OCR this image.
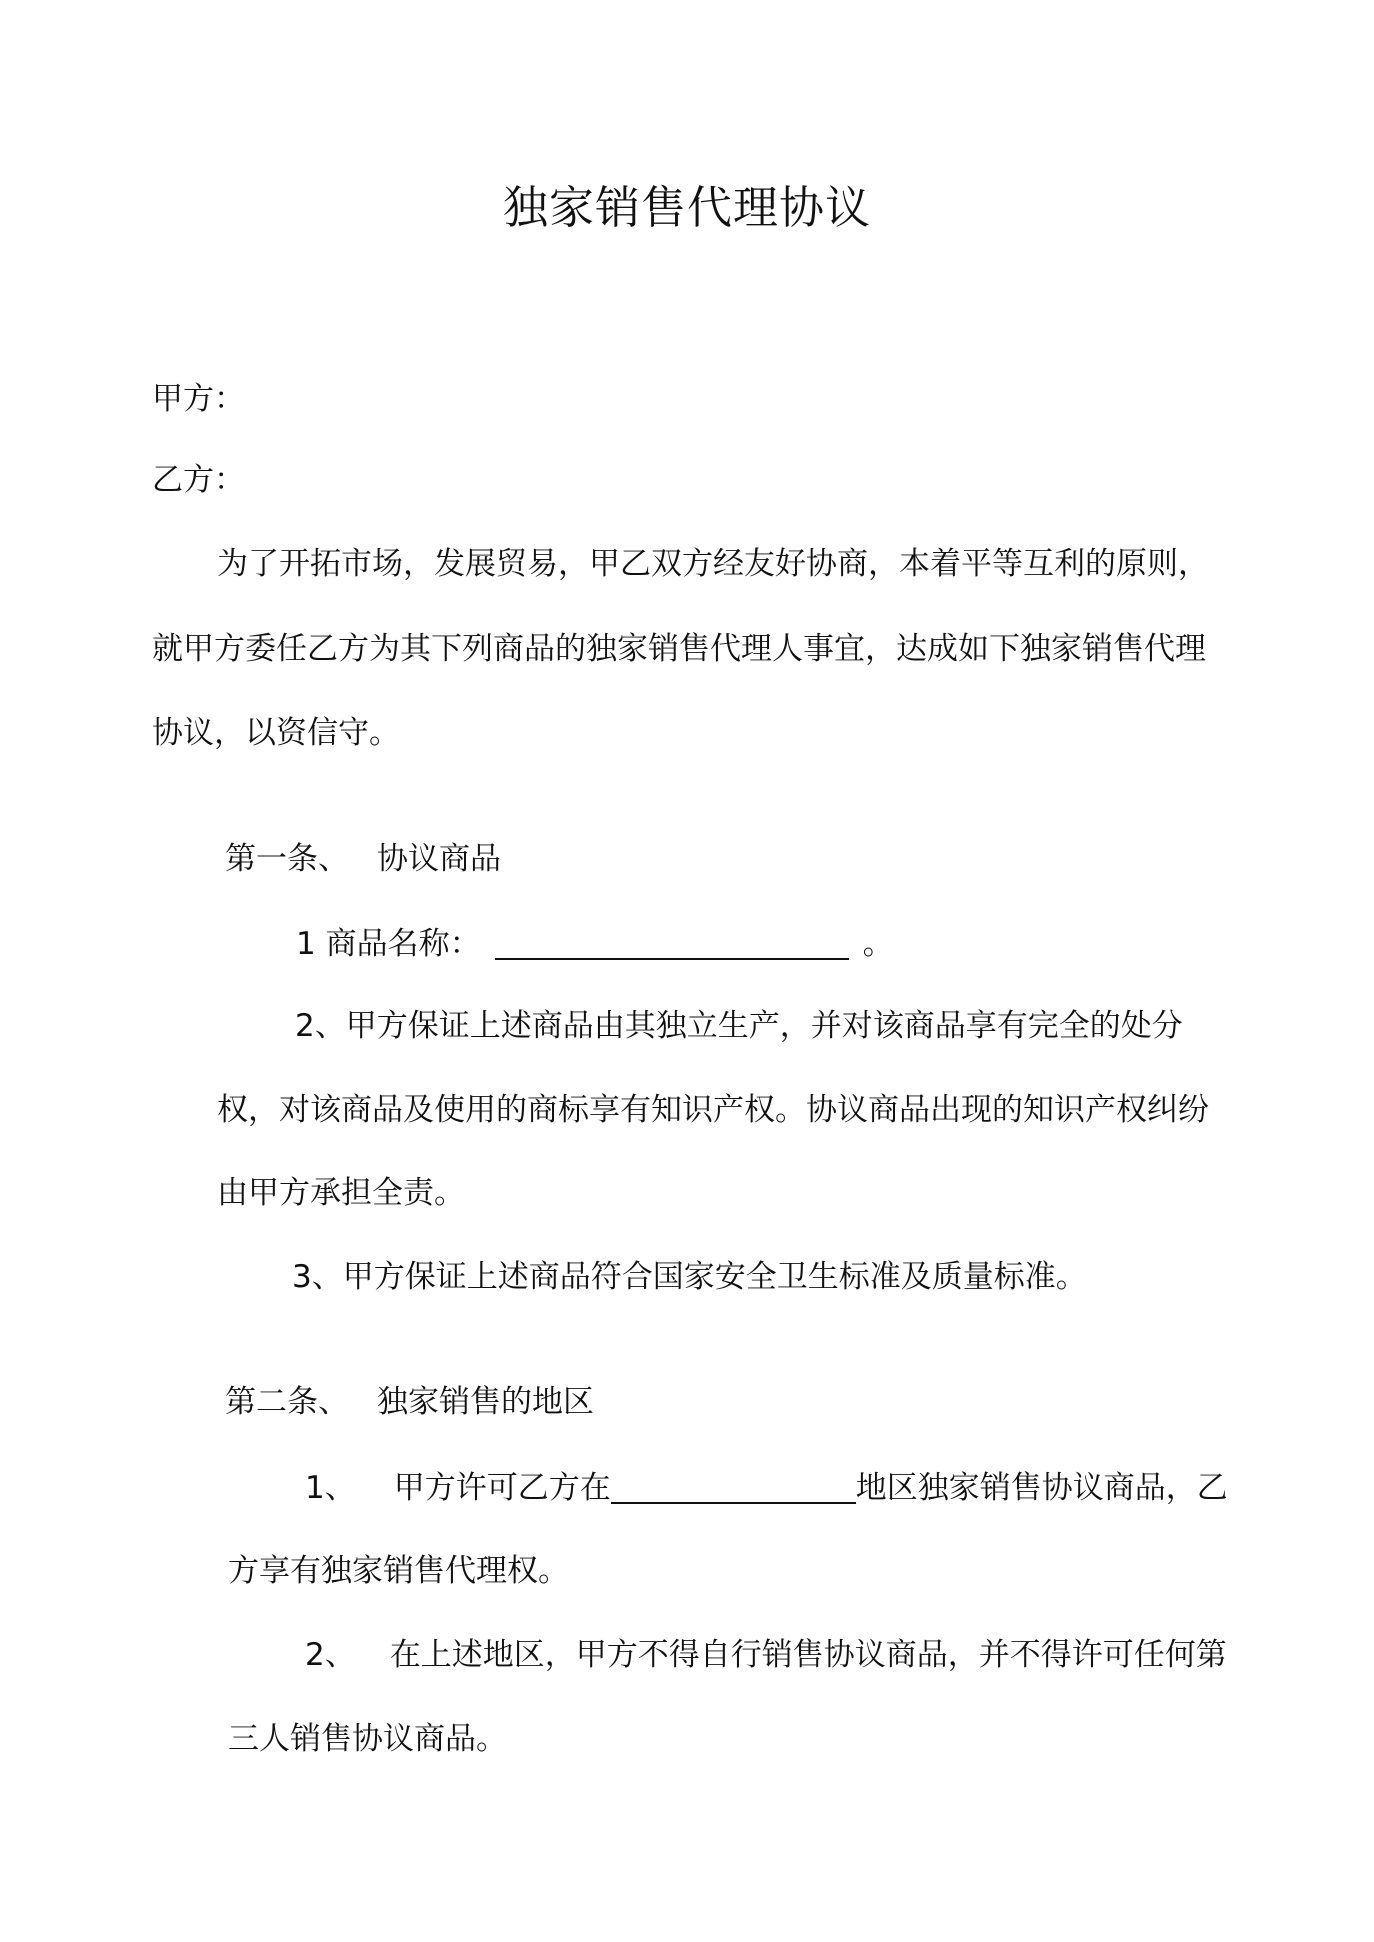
独家销售代理协议
甲方：
乙方：
为了开拓市场，发展贸易，甲乙双方经友好协商，本着平等互利的原则，
就甲方委任乙方为其下列商品的独家销售代理人事宜，达成如下独家销售代理
协议，以资信守。
第一条、 协议商品
1 商品名称：	。
2、甲方保证上述商品由其独立生产，并对该商品享有完全的处分
权，对该商品及使用的商标享有知识产权。协议商品出现的知识产权纠纷
由甲方承担全责。
3、甲方保证上述商品符合国家安全卫生标准及质量标准。
第二条、 独家销售的地区
1、 甲方许可乙方在	地区独家销售协议商品，乙
方享有独家销售代理权。
2、 在上述地区，甲方不得自行销售协议商品，并不得许可任何第
三人销售协议商品。
